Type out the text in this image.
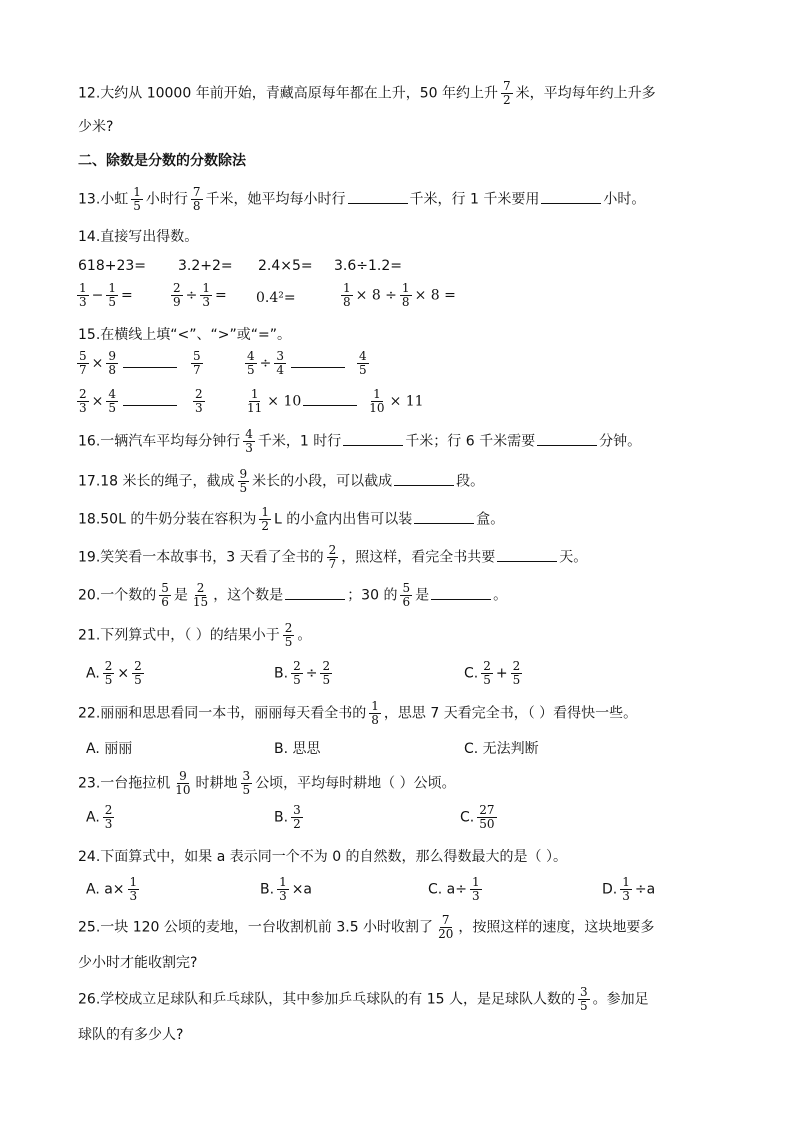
12.大约从 10000 年前开始，青藏高原每年都在上升，50 年约上升 $\frac{7}{2}$ 米，平均每年约上升多
少米?
二、除数是分数的分数除法
13.小虹 $\frac{1}{5}$ 小时行 $\frac{7}{8}$ 千米，她平均每小时行	千米，行 1 千米要用	小时。
14.直接写出得数。
618+23= 3.2+2= 2.4×5= 3.6÷1.2=
$\frac{1}{3} - \frac{1}{5}$ =	$\frac{2}{9} \div \frac{1}{3} = 0.4^2=$	$\frac{1}{8} \times 8 \div \frac{1}{8} \times 8$ =
15.在横线上填“<”、“>”或“=”。
$\frac{5}{7} \times \frac{9}{8}$	$\frac{5}{7}$	$\frac{4}{5} \div \frac{3}{4}$	$\frac{4}{5}$
$\frac{2}{3} \times \frac{4}{5}$	$\frac{2}{3}$	$\frac{1}{11} \times 10$	$\frac{1}{10} \times 11$
16.一辆汽车平均每分钟行 $\frac{4}{3}$ 千米，1 时行	千米；行 6 千米需要	分钟。
17.18 米长的绳子，截成 $\frac{9}{5}$ 米长的小段，可以截成	段。
18.50L 的牛奶分装在容积为 $\frac{1}{2}$ L 的小盒内出售可以装	盒。
19.笑笑看一本故事书，3 天看了全书的 $\frac{2}{7}$ ，照这样，看完全书共要	天。
20.一个数的 $\frac{5}{6}$ 是 $\frac{2}{15}$ ，这个数是	；30 的 $\frac{5}{6}$ 是	。
21.下列算式中，（ ）的结果小于 $\frac{2}{5}$ 。
A. $\frac{2}{5} \times \frac{2}{5}$	B. $\frac{2}{5} \div \frac{2}{5}$	C. $\frac{2}{5} + \frac{2}{5}$
22.丽丽和思思看同一本书，丽丽每天看全书的 $\frac{1}{8}$ ，思思 7 天看完全书，（ ）看得快一些。
A. 丽丽	B. 思思	C. 无法判断
23.一台拖拉机 $\frac{9}{10}$ 时耕地 $\frac{3}{5}$ 公顷，平均每时耕地（ ）公顷。
A. $\frac{2}{3}$	B. $\frac{3}{2}$	C. $\frac{27}{50}$
24.下面算式中，如果 a 表示同一个不为 0 的自然数，那么得数最大的是（ ）。
A. $a\times \frac{1}{3}$	B. $\frac{1}{3} \times a$	C. $a\div \frac{1}{3}$	D. $\frac{1}{3} \div a$
25.一块 120 公顷的麦地，一台收割机前 3.5 小时收割了 $\frac{7}{20}$ ，按照这样的速度，这块地要多
少小时才能收割完?
26.学校成立足球队和乒乓球队，其中参加乒乓球队的有 15 人，是足球队人数的 $\frac{3}{5}$ 。参加足
球队的有多少人?
